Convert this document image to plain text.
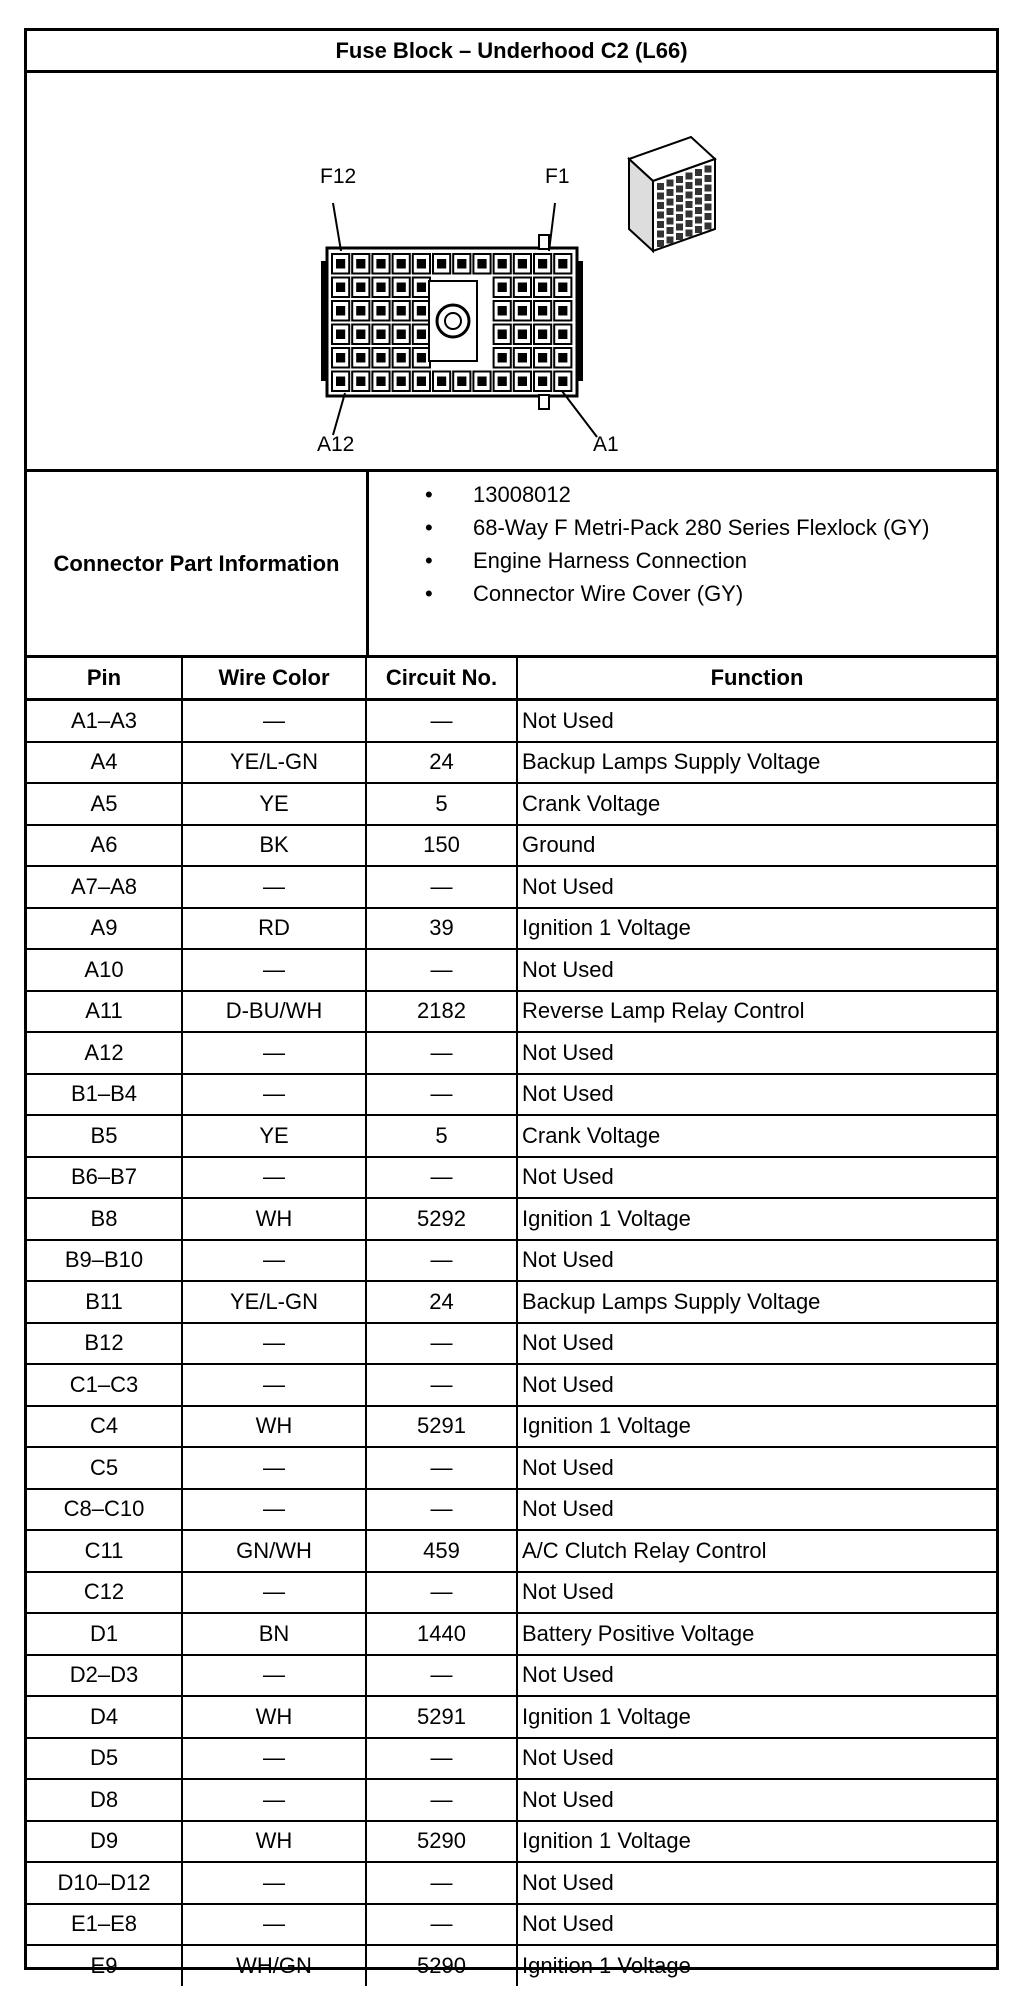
Fuse Block – Underhood C2 (L66)
F12	F1
A12	A1
Connector Part Information
• 13008012
• 68-Way F Metri-Pack 280 Series Flexlock (GY)
• Engine Harness Connection
• Connector Wire Cover (GY)
Pin	Wire Color	Circuit No.	Function
A1–A3	—	—	Not Used
A4	YE/L-GN	24	Backup Lamps Supply Voltage
A5	YE	5	Crank Voltage
A6	BK	150	Ground
A7–A8	—	—	Not Used
A9	RD	39	Ignition 1 Voltage
A10	—	—	Not Used
A11	D-BU/WH	2182	Reverse Lamp Relay Control
A12	—	—	Not Used
B1–B4	—	—	Not Used
B5	YE	5	Crank Voltage
B6–B7	—	—	Not Used
B8	WH	5292	Ignition 1 Voltage
B9–B10	—	—	Not Used
B11	YE/L-GN	24	Backup Lamps Supply Voltage
B12	—	—	Not Used
C1–C3	—	—	Not Used
C4	WH	5291	Ignition 1 Voltage
C5	—	—	Not Used
C8–C10	—	—	Not Used
C11	GN/WH	459	A/C Clutch Relay Control
C12	—	—	Not Used
D1	BN	1440	Battery Positive Voltage
D2–D3	—	—	Not Used
D4	WH	5291	Ignition 1 Voltage
D5	—	—	Not Used
D8	—	—	Not Used
D9	WH	5290	Ignition 1 Voltage
D10–D12	—	—	Not Used
E1–E8	—	—	Not Used
E9	WH/GN	5290	Ignition 1 Voltage
